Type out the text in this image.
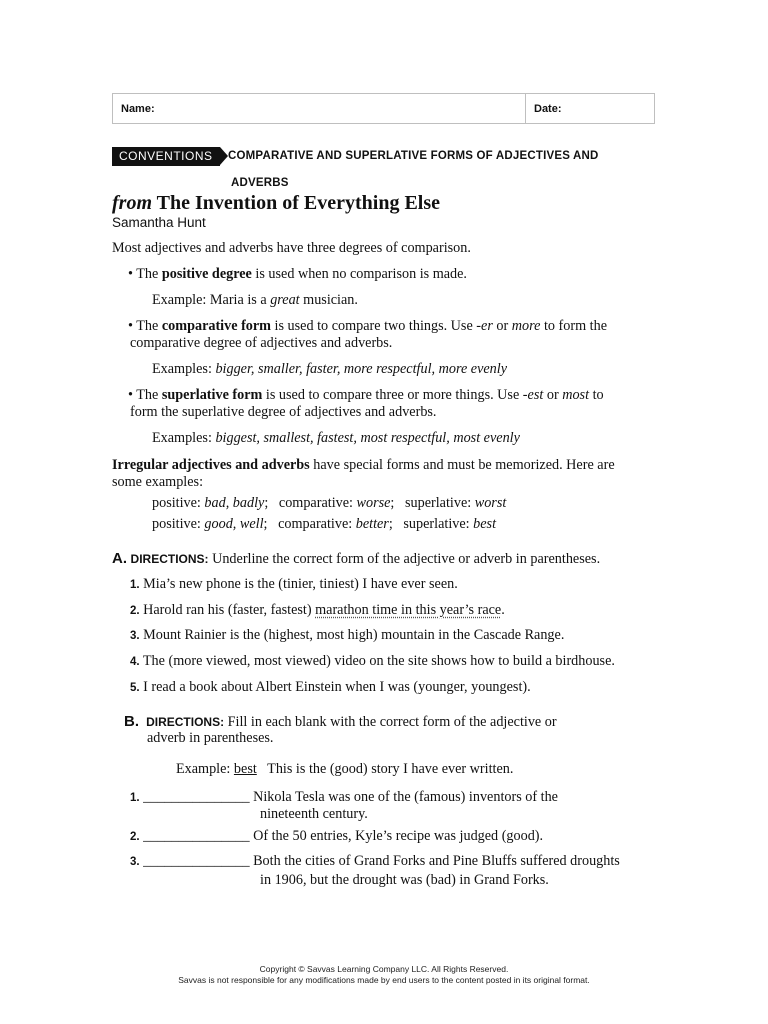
Name:	Date:
CONVENTIONS	COMPARATIVE AND SUPERLATIVE FORMS OF ADJECTIVES AND
ADVERBS
from The Invention of Everything Else
Samantha Hunt
Most adjectives and adverbs have three degrees of comparison.
• The positive degree is used when no comparison is made.
Example: Maria is a great musician.
• The comparative form is used to compare two things. Use -er or more to form the
comparative degree of adjectives and adverbs.
Examples: bigger, smaller, faster, more respectful, more evenly
• The superlative form is used to compare three or more things. Use -est or most to
form the superlative degree of adjectives and adverbs.
Examples: biggest, smallest, fastest, most respectful, most evenly
Irregular adjectives and adverbs have special forms and must be memorized. Here are
some examples:
positive: bad, badly;   comparative: worse;   superlative: worst
positive: good, well;   comparative: better;   superlative: best
A. DIRECTIONS: Underline the correct form of the adjective or adverb in parentheses.
1. Mia’s new phone is the (tinier, tiniest) I have ever seen.
2. Harold ran his (faster, fastest) marathon time in this year’s race.
3. Mount Rainier is the (highest, most high) mountain in the Cascade Range.
4. The (more viewed, most viewed) video on the site shows how to build a birdhouse.
5. I read a book about Albert Einstein when I was (younger, youngest).
B. DIRECTIONS: Fill in each blank with the correct form of the adjective or
adverb in parentheses.
Example: best   This is the (good) story I have ever written.
1. _______________ Nikola Tesla was one of the (famous) inventors of the
nineteenth century.
2. _______________ Of the 50 entries, Kyle’s recipe was judged (good).
3. _______________ Both the cities of Grand Forks and Pine Bluffs suffered droughts
in 1906, but the drought was (bad) in Grand Forks.
Copyright © Savvas Learning Company LLC. All Rights Reserved.
Savvas is not responsible for any modifications made by end users to the content posted in its original format.
